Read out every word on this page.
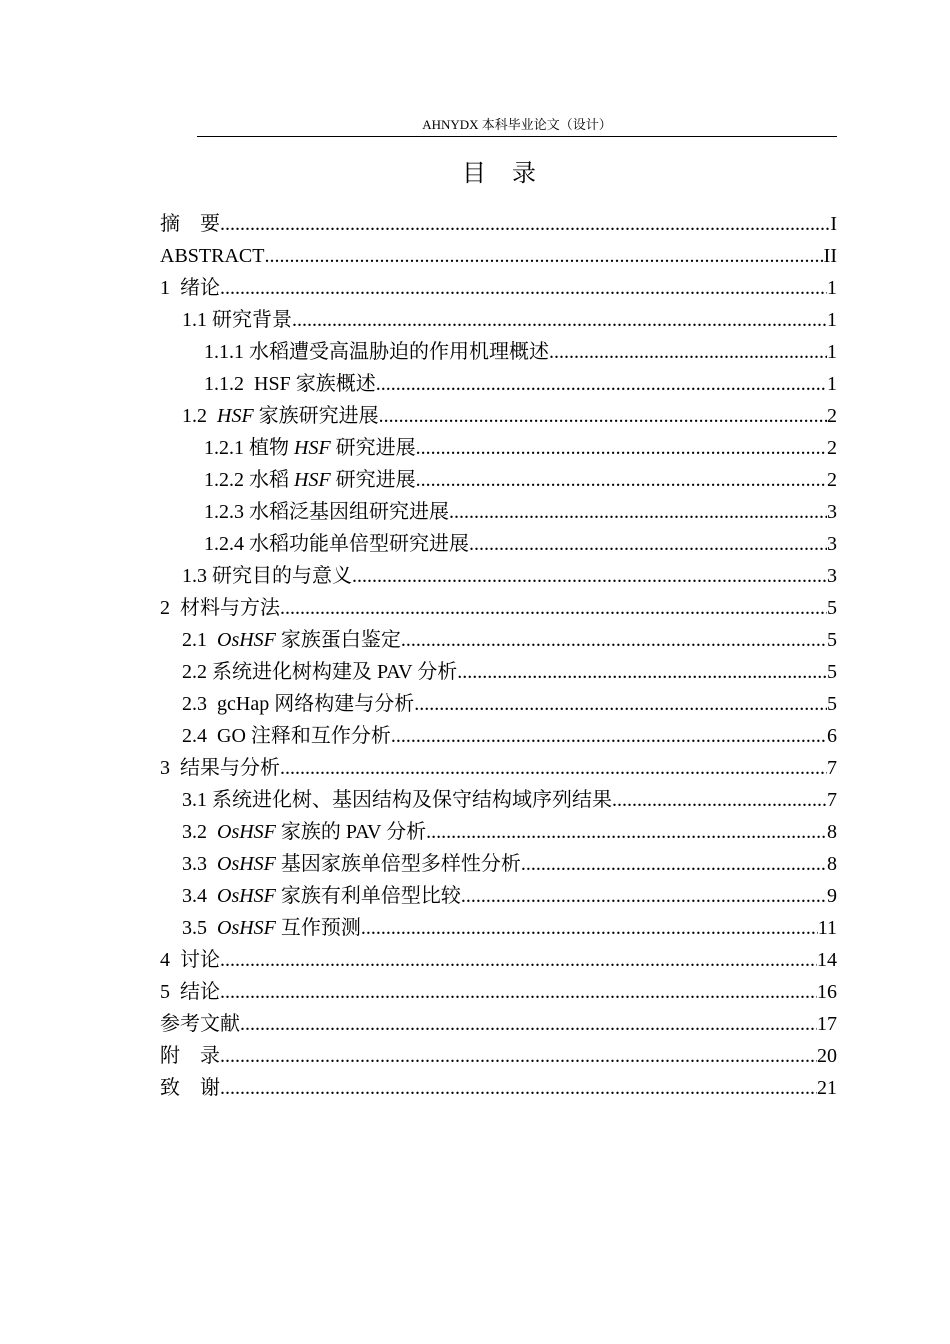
AHNYDX 本科毕业论文（设计）
目 录
摘    要 .....	I
ABSTRACT .....	II
1  绪论 .....	1
1.1 研究背景 .....	1
1.1.1 水稻遭受高温胁迫的作用机理概述 .....	1
1.1.2  HSF 家族概述 .....	1
1.2  HSF 家族研究进展 .....	2
1.2.1 植物 HSF 研究进展 .....	2
1.2.2 水稻 HSF 研究进展 .....	2
1.2.3 水稻泛基因组研究进展 .....	3
1.2.4 水稻功能单倍型研究进展 .....	3
1.3 研究目的与意义 .....	3
2  材料与方法 .....	5
2.1  OsHSF 家族蛋白鉴定 .....	5
2.2 系统进化树构建及 PAV 分析 .....	5
2.3  gcHap 网络构建与分析 .....	5
2.4  GO 注释和互作分析 .....	6
3  结果与分析 .....	7
3.1 系统进化树、基因结构及保守结构域序列结果 .....	7
3.2  OsHSF 家族的 PAV 分析 .....	8
3.3  OsHSF 基因家族单倍型多样性分析 .....	8
3.4  OsHSF 家族有利单倍型比较 .....	9
3.5  OsHSF 互作预测 .....	11
4  讨论 .....	14
5  结论 .....	16
参考文献 .....	17
附    录 .....	20
致    谢 .....	21
